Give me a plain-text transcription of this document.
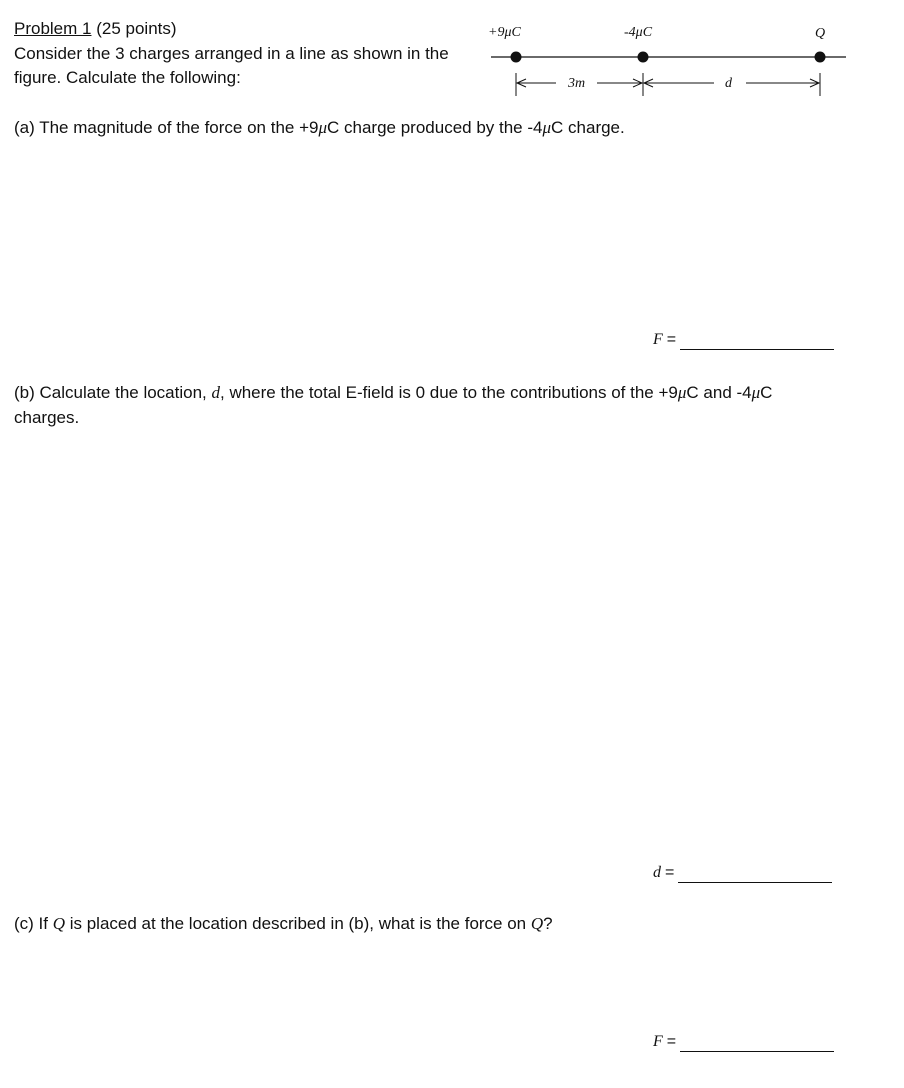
Problem 1 (25 points)
Consider the 3 charges arranged in a line as shown in the
figure. Calculate the following:
+9μC	-4μC	Q
3m	d
(a) The magnitude of the force on the +9μC charge produced by the -4μC charge.
F =
(b) Calculate the location, d, where the total E-field is 0 due to the contributions of the +9μC and -4μC
charges.
d =
(c) If Q is placed at the location described in (b), what is the force on Q?
F =
